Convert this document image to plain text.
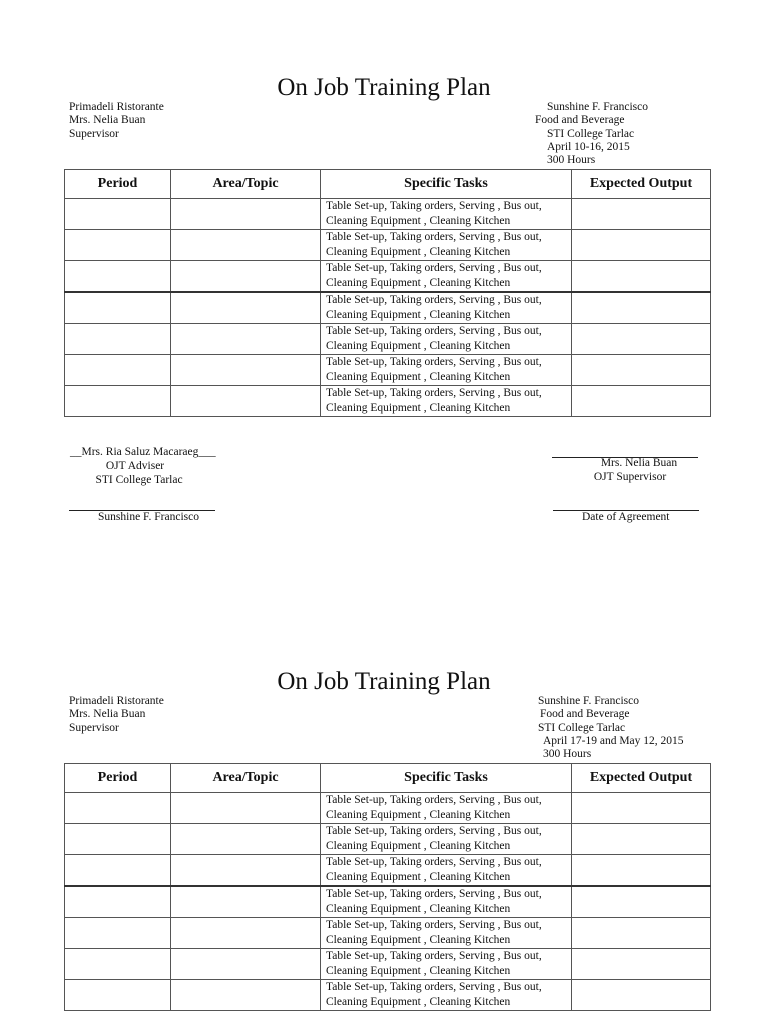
On Job Training Plan
Primadeli Ristorante
Mrs. Nelia Buan
Supervisor
Sunshine F. Francisco
Food and Beverage
STI College Tarlac
April 10-16, 2015
300 Hours
Period	Area/Topic	Specific Tasks	Expected Output

		Table Set-up, Taking orders, Serving , Bus out,
Cleaning Equipment , Cleaning Kitchen	

		Table Set-up, Taking orders, Serving , Bus out,
Cleaning Equipment , Cleaning Kitchen	

		Table Set-up, Taking orders, Serving , Bus out,
Cleaning Equipment , Cleaning Kitchen	

		Table Set-up, Taking orders, Serving , Bus out,
Cleaning Equipment , Cleaning Kitchen	

		Table Set-up, Taking orders, Serving , Bus out,
Cleaning Equipment , Cleaning Kitchen	

		Table Set-up, Taking orders, Serving , Bus out,
Cleaning Equipment , Cleaning Kitchen	

		Table Set-up, Taking orders, Serving , Bus out,
Cleaning Equipment , Cleaning Kitchen	

__Mrs. Ria Saluz Macaraeg___
OJT Adviser
STI College Tarlac
Mrs. Nelia Buan
OJT Supervisor
Sunshine F. Francisco	Date of Agreement
On Job Training Plan
Primadeli Ristorante
Mrs. Nelia Buan
Supervisor
Sunshine F. Francisco
Food and Beverage
STI College Tarlac
April 17-19 and May 12, 2015
300 Hours
Period	Area/Topic	Specific Tasks	Expected Output

		Table Set-up, Taking orders, Serving , Bus out,
Cleaning Equipment , Cleaning Kitchen	

		Table Set-up, Taking orders, Serving , Bus out,
Cleaning Equipment , Cleaning Kitchen	

		Table Set-up, Taking orders, Serving , Bus out,
Cleaning Equipment , Cleaning Kitchen	

		Table Set-up, Taking orders, Serving , Bus out,
Cleaning Equipment , Cleaning Kitchen	

		Table Set-up, Taking orders, Serving , Bus out,
Cleaning Equipment , Cleaning Kitchen	

		Table Set-up, Taking orders, Serving , Bus out,
Cleaning Equipment , Cleaning Kitchen	

		Table Set-up, Taking orders, Serving , Bus out,
Cleaning Equipment , Cleaning Kitchen	
